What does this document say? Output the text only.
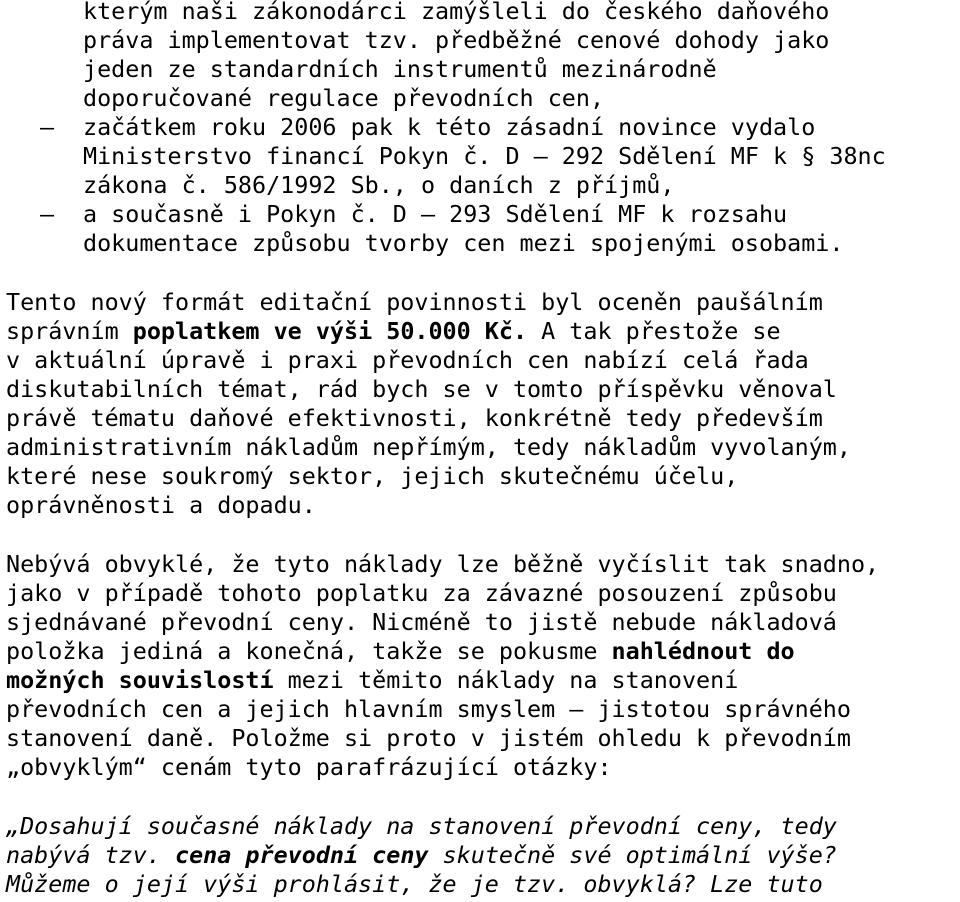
kterým naši zákonodárci zamýšleli do českého daňového
práva implementovat tzv. předběžné cenové dohody jako
jeden ze standardních instrumentů mezinárodně
doporučované regulace převodních cen,
– začátkem roku 2006 pak k této zásadní novince vydalo
Ministerstvo financí Pokyn č. D – 292 Sdělení MF k § 38nc
zákona č. 586/1992 Sb., o daních z příjmů,
– a současně i Pokyn č. D – 293 Sdělení MF k rozsahu
dokumentace způsobu tvorby cen mezi spojenými osobami.
Tento nový formát editační povinnosti byl oceněn paušálním
správním poplatkem ve výši 50.000 Kč. A tak přestože se
v aktuální úpravě i praxi převodních cen nabízí celá řada
diskutabilních témat, rád bych se v tomto příspěvku věnoval
právě tématu daňové efektivnosti, konkrétně tedy především
administrativním nákladům nepřímým, tedy nákladům vyvolaným,
které nese soukromý sektor, jejich skutečnému účelu,
oprávněnosti a dopadu.
Nebývá obvyklé, že tyto náklady lze běžně vyčíslit tak snadno,
jako v případě tohoto poplatku za závazné posouzení způsobu
sjednávané převodní ceny. Nicméně to jistě nebude nákladová
položka jediná a konečná, takže se pokusme nahlédnout do
možných souvislostí mezi těmito náklady na stanovení
převodních cen a jejich hlavním smyslem – jistotou správného
stanovení daně. Položme si proto v jistém ohledu k převodním
„obvyklým“ cenám tyto parafrázující otázky:
„Dosahují současné náklady na stanovení převodní ceny, tedy
nabývá tzv. cena převodní ceny skutečně své optimální výše?
Můžeme o její výši prohlásit, že je tzv. obvyklá? Lze tuto
